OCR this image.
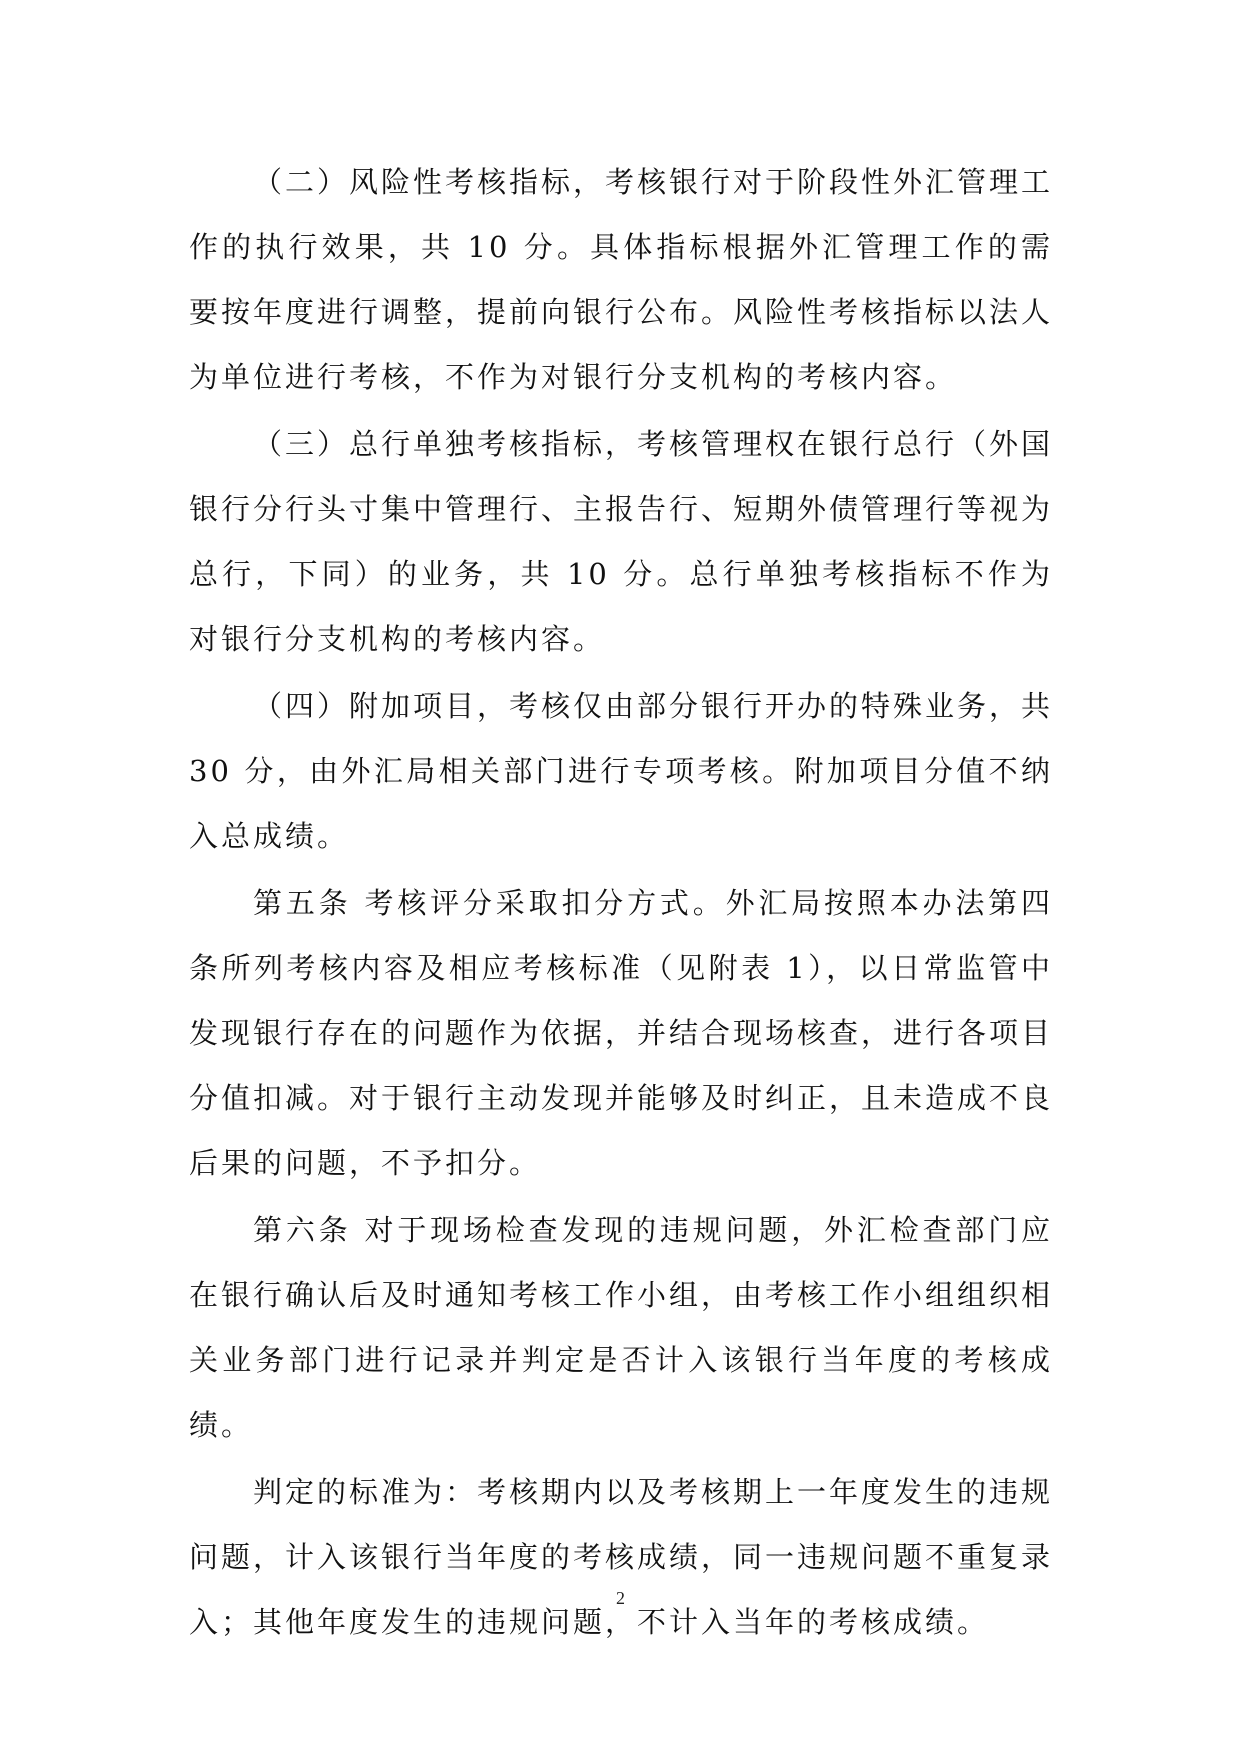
（二）风险性考核指标，考核银行对于阶段性外汇管理工作的执行效果，共 10 分。具体指标根据外汇管理工作的需要按年度进行调整，提前向银行公布。风险性考核指标以法人为单位进行考核，不作为对银行分支机构的考核内容。

（三）总行单独考核指标，考核管理权在银行总行（外国银行分行头寸集中管理行、主报告行、短期外债管理行等视为总行，下同）的业务，共 10 分。总行单独考核指标不作为对银行分支机构的考核内容。

（四）附加项目，考核仅由部分银行开办的特殊业务，共 30 分，由外汇局相关部门进行专项考核。附加项目分值不纳入总成绩。

第五条 考核评分采取扣分方式。外汇局按照本办法第四条所列考核内容及相应考核标准（见附表 1），以日常监管中发现银行存在的问题作为依据，并结合现场核查，进行各项目分值扣减。对于银行主动发现并能够及时纠正，且未造成不良后果的问题，不予扣分。

第六条 对于现场检查发现的违规问题，外汇检查部门应在银行确认后及时通知考核工作小组，由考核工作小组组织相关业务部门进行记录并判定是否计入该银行当年度的考核成绩。

判定的标准为：考核期内以及考核期上一年度发生的违规问题，计入该银行当年度的考核成绩，同一违规问题不重复录入；其他年度发生的违规问题，不计入当年的考核成绩。

2
